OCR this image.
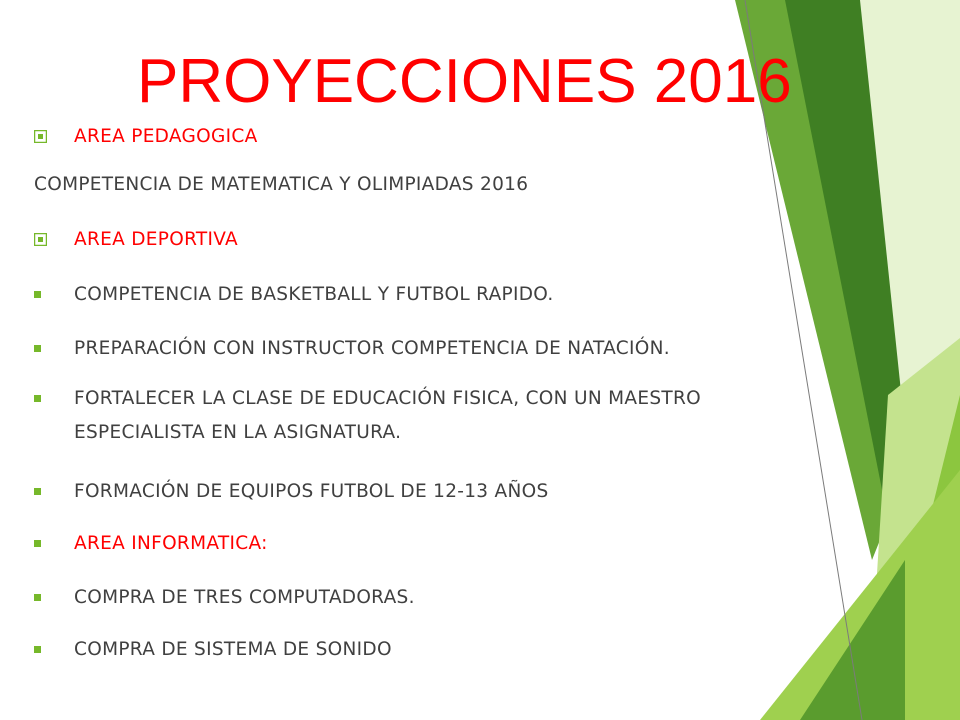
PROYECCIONES 2016
AREA PEDAGOGICA
COMPETENCIA DE MATEMATICA Y OLIMPIADAS 2016
AREA DEPORTIVA
COMPETENCIA DE BASKETBALL Y FUTBOL RAPIDO.
PREPARACIÓN CON INSTRUCTOR COMPETENCIA DE NATACIÓN.
FORTALECER LA CLASE DE EDUCACIÓN FISICA, CON UN MAESTRO ESPECIALISTA EN LA ASIGNATURA.
FORMACIÓN DE EQUIPOS FUTBOL DE 12-13 AÑOS
AREA INFORMATICA:
COMPRA DE TRES COMPUTADORAS.
COMPRA DE SISTEMA DE SONIDO
